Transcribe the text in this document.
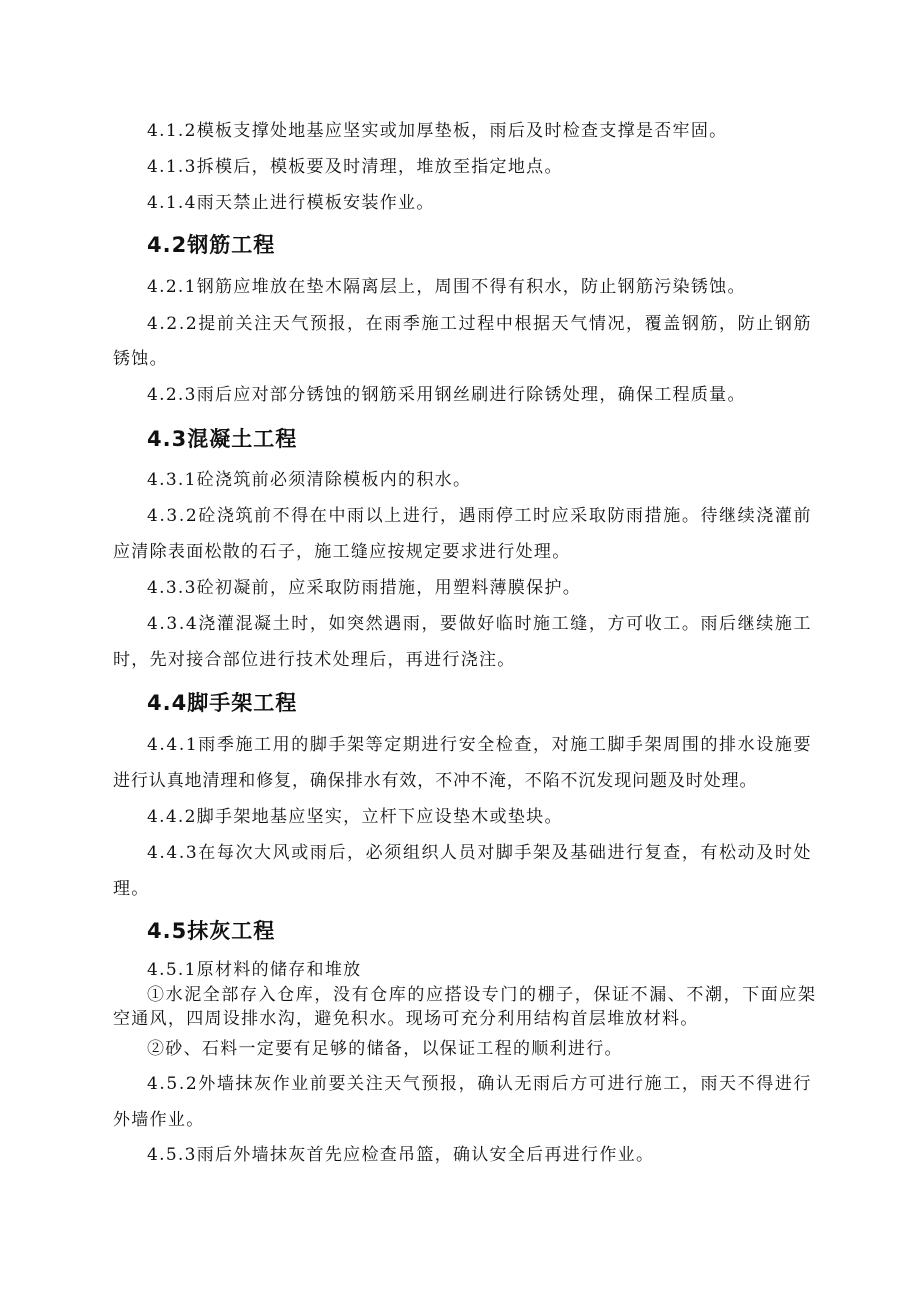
4.1.2模板支撑处地基应坚实或加厚垫板，雨后及时检查支撑是否牢固。
4.1.3拆模后，模板要及时清理，堆放至指定地点。
4.1.4雨天禁止进行模板安装作业。
4.2钢筋工程
4.2.1钢筋应堆放在垫木隔离层上，周围不得有积水，防止钢筋污染锈蚀。
4.2.2提前关注天气预报，在雨季施工过程中根据天气情况，覆盖钢筋，防止钢筋
锈蚀。
4.2.3雨后应对部分锈蚀的钢筋采用钢丝刷进行除锈处理，确保工程质量。
4.3混凝土工程
4.3.1砼浇筑前必须清除模板内的积水。
4.3.2砼浇筑前不得在中雨以上进行，遇雨停工时应采取防雨措施。待继续浇灌前
应清除表面松散的石子，施工缝应按规定要求进行处理。
4.3.3砼初凝前，应采取防雨措施，用塑料薄膜保护。
4.3.4浇灌混凝土时，如突然遇雨，要做好临时施工缝，方可收工。雨后继续施工
时，先对接合部位进行技术处理后，再进行浇注。
4.4脚手架工程
4.4.1雨季施工用的脚手架等定期进行安全检查，对施工脚手架周围的排水设施要
进行认真地清理和修复，确保排水有效，不冲不淹，不陷不沉发现问题及时处理。
4.4.2脚手架地基应坚实，立杆下应设垫木或垫块。
4.4.3在每次大风或雨后，必须组织人员对脚手架及基础进行复查，有松动及时处
理。
4.5抹灰工程
4.5.1原材料的储存和堆放
①水泥全部存入仓库，没有仓库的应搭设专门的棚子，保证不漏、不潮，下面应架
空通风，四周设排水沟，避免积水。现场可充分利用结构首层堆放材料。
②砂、石料一定要有足够的储备，以保证工程的顺利进行。
4.5.2外墙抹灰作业前要关注天气预报，确认无雨后方可进行施工，雨天不得进行
外墙作业。
4.5.3雨后外墙抹灰首先应检查吊篮，确认安全后再进行作业。
